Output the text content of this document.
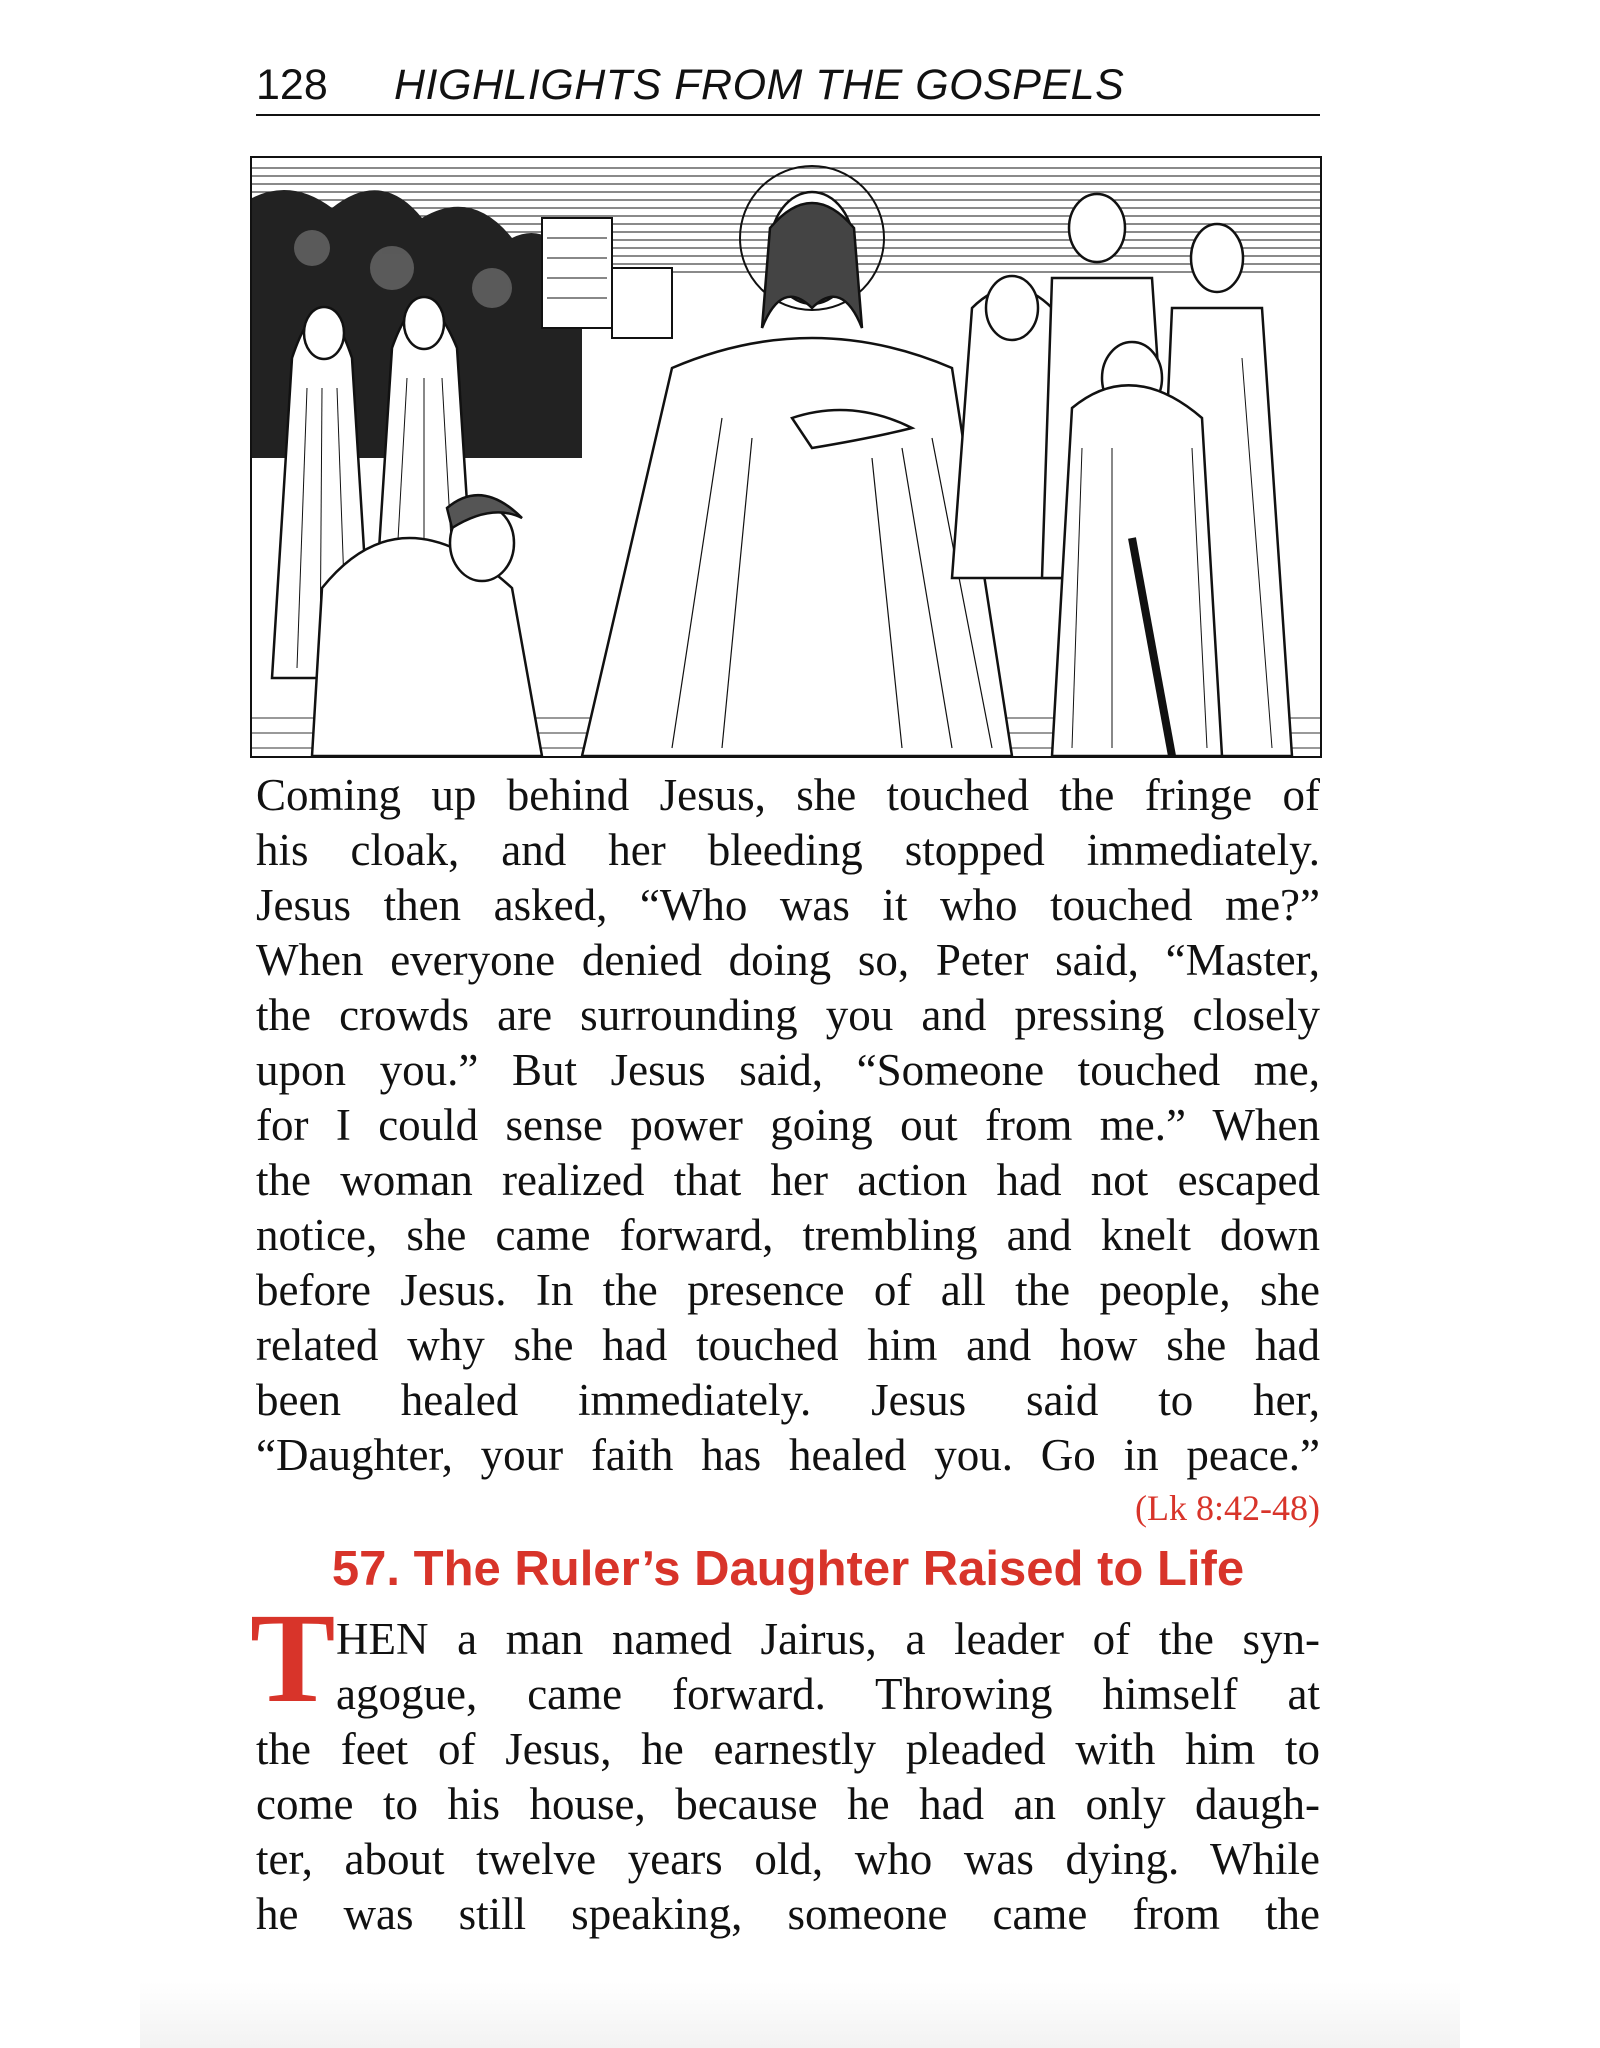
128 HIGHLIGHTS FROM THE GOSPELS
Coming up behind Jesus, she touched the fringe of
his cloak, and her bleeding stopped immediately.
Jesus then asked, “Who was it who touched me?”
When everyone denied doing so, Peter said, “Master,
the crowds are surrounding you and pressing closely
upon you.” But Jesus said, “Someone touched me,
for I could sense power going out from me.” When
the woman realized that her action had not escaped
notice, she came forward, trembling and knelt down
before Jesus. In the presence of all the people, she
related why she had touched him and how she had
been healed immediately. Jesus said to her,
“Daughter, your faith has healed you. Go in peace.”
(Lk 8:42-48)
57. The Ruler’s Daughter Raised to Life
T HEN a man named Jairus, a leader of the syn-
agogue, came forward. Throwing himself at
the feet of Jesus, he earnestly pleaded with him to
come to his house, because he had an only daugh-
ter, about twelve years old, who was dying. While
he was still speaking, someone came from the
